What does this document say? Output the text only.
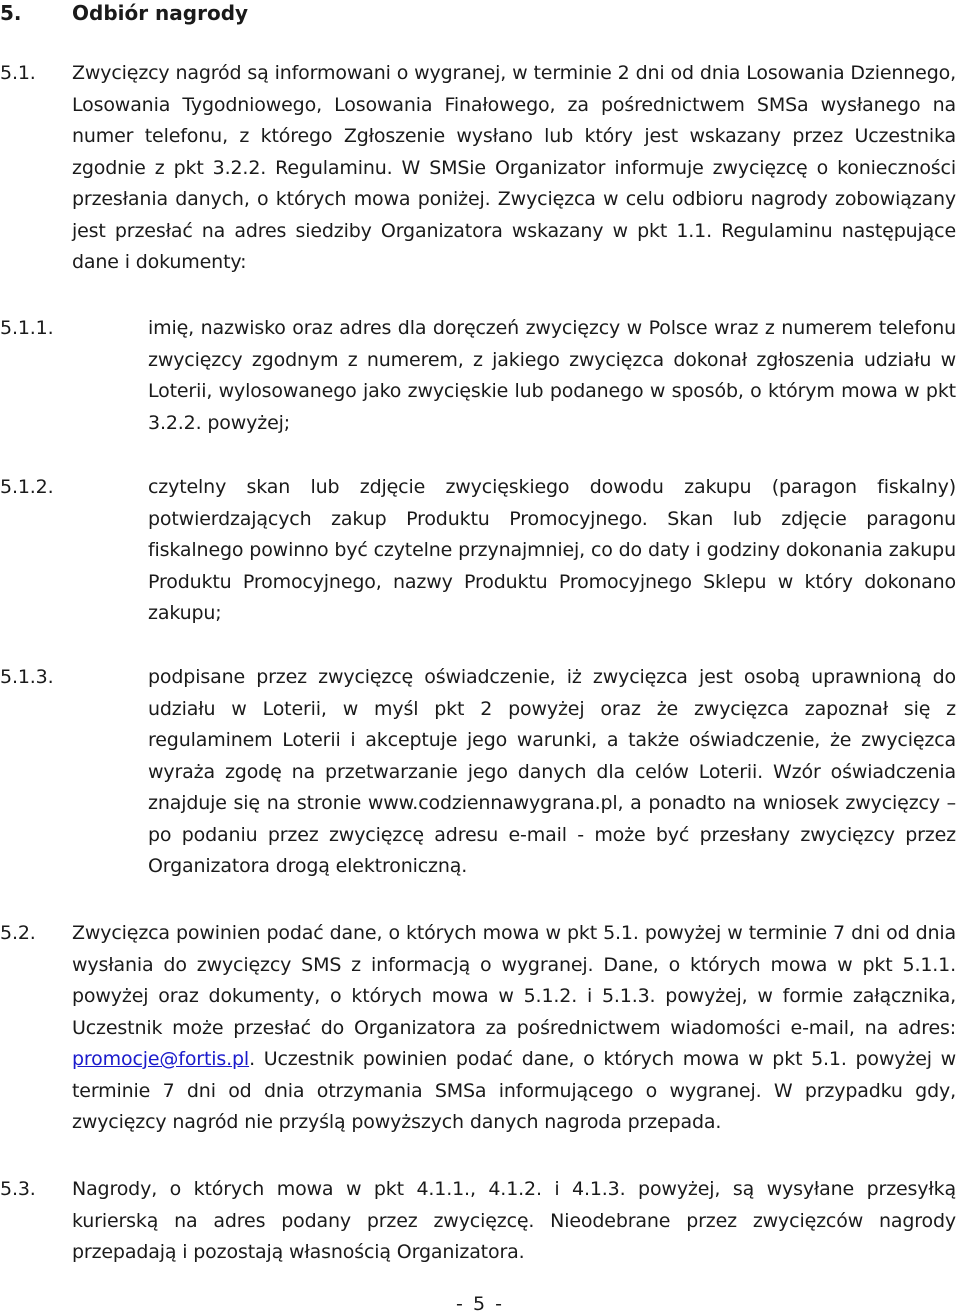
5.	Odbiór nagrody
5.1. Zwycięzcy nagród są informowani o wygranej, w terminie 2 dni od dnia Losowania Dziennego, Losowania Tygodniowego, Losowania Finałowego, za pośrednictwem SMSa wysłanego na numer telefonu, z którego Zgłoszenie wysłano lub który jest wskazany przez Uczestnika zgodnie z pkt 3.2.2. Regulaminu. W SMSie Organizator informuje zwycięzcę o konieczności przesłania danych, o których mowa poniżej. Zwycięzca w celu odbioru nagrody zobowiązany jest przesłać na adres siedziby Organizatora wskazany w pkt 1.1. Regulaminu następujące dane i dokumenty:
5.1.1.	imię, nazwisko oraz adres dla doręczeń zwycięzcy w Polsce wraz z numerem telefonu zwycięzcy zgodnym z numerem, z jakiego zwycięzca dokonał zgłoszenia udziału w Loterii, wylosowanego jako zwycięskie lub podanego w sposób, o którym mowa w pkt 3.2.2. powyżej;
5.1.2.	czytelny skan lub zdjęcie zwycięskiego dowodu zakupu (paragon fiskalny) potwierdzających zakup Produktu Promocyjnego. Skan lub zdjęcie paragonu fiskalnego powinno być czytelne przynajmniej, co do daty i godziny dokonania zakupu Produktu Promocyjnego, nazwy Produktu Promocyjnego Sklepu w który dokonano zakupu;
5.1.3.	podpisane przez zwycięzcę oświadczenie, iż zwycięzca jest osobą uprawnioną do udziału w Loterii, w myśl pkt 2 powyżej oraz że zwycięzca zapoznał się z regulaminem Loterii i akceptuje jego warunki, a także oświadczenie, że zwycięzca wyraża zgodę na przetwarzanie jego danych dla celów Loterii. Wzór oświadczenia znajduje się na stronie www.codziennawygrana.pl, a ponadto na wniosek zwycięzcy – po podaniu przez zwycięzcę adresu e-mail - może być przesłany zwycięzcy przez Organizatora drogą elektroniczną.
5.2. Zwycięzca powinien podać dane, o których mowa w pkt 5.1. powyżej w terminie 7 dni od dnia wysłania do zwycięzcy SMS z informacją o wygranej. Dane, o których mowa w pkt 5.1.1. powyżej oraz dokumenty, o których mowa w 5.1.2. i 5.1.3. powyżej, w formie załącznika, Uczestnik może przesłać do Organizatora za pośrednictwem wiadomości e-mail, na adres: promocje@fortis.pl. Uczestnik powinien podać dane, o których mowa w pkt 5.1. powyżej w terminie 7 dni od dnia otrzymania SMSa informującego o wygranej. W przypadku gdy, zwycięzcy nagród nie przyślą powyższych danych nagroda przepada.
5.3. Nagrody, o których mowa w pkt 4.1.1., 4.1.2. i 4.1.3. powyżej, są wysyłane przesyłką kurierską na adres podany przez zwycięzcę. Nieodebrane przez zwycięzców nagrody przepadają i pozostają własnością Organizatora.
- 5 -
